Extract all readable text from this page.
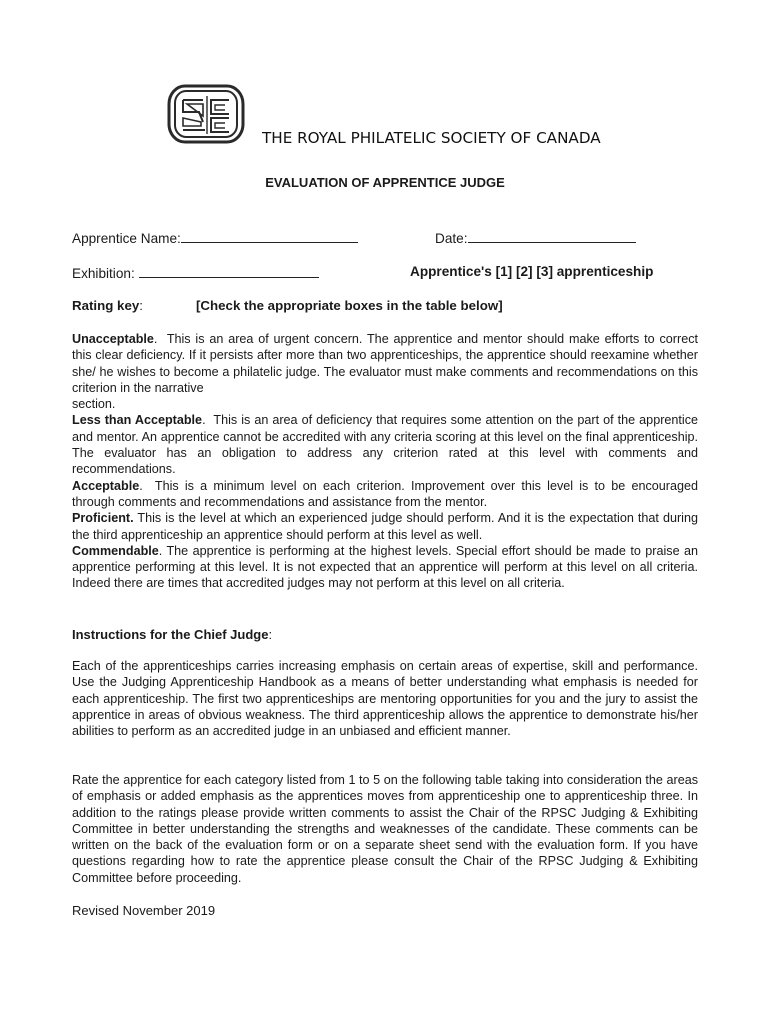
THE ROYAL PHILATELIC SOCIETY OF CANADA
EVALUATION OF APPRENTICE JUDGE
Apprentice Name:	Date:
Exhibition:	Apprentice's [1] [2] [3] apprenticeship
Rating key:	[Check the appropriate boxes in the table below]

Unacceptable.  This is an area of urgent concern. The apprentice and mentor should make efforts to correct this clear deficiency. If it persists after more than two apprenticeships, the apprentice should reexamine whether she/ he wishes to become a philatelic judge. The evaluator must make comments and recommendations on this criterion in the narrative

section.

Less than Acceptable.  This is an area of deficiency that requires some attention on the part of the apprentice and mentor. An apprentice cannot be accredited with any criteria scoring at this level on the final apprenticeship. The evaluator has an obligation to address any criterion rated at this level with comments and recommendations.

Acceptable.  This is a minimum level on each criterion. Improvement over this level is to be encouraged through comments and recommendations and assistance from the mentor.

Proficient. This is the level at which an experienced judge should perform. And it is the expectation that during the third apprenticeship an apprentice should perform at this level as well.

Commendable. The apprentice is performing at the highest levels. Special effort should be made to praise an apprentice performing at this level. It is not expected that an apprentice will perform at this level on all criteria. Indeed there are times that accredited judges may not perform at this level on all criteria.

Instructions for the Chief Judge:

Each of the apprenticeships carries increasing emphasis on certain areas of expertise, skill and performance. Use the Judging Apprenticeship Handbook as a means of better understanding what emphasis is needed for each apprenticeship. The first two apprenticeships are mentoring opportunities for you and the jury to assist the apprentice in areas of obvious weakness. The third apprenticeship allows the apprentice to demonstrate his/her abilities to perform as an accredited judge in an unbiased and efficient manner.

Rate the apprentice for each category listed from 1 to 5 on the following table taking into consideration the areas of emphasis or added emphasis as the apprentices moves from apprenticeship one to apprenticeship three. In addition to the ratings please provide written comments to assist the Chair of the RPSC Judging & Exhibiting Committee in better understanding the strengths and weaknesses of the candidate. These comments can be written on the back of the evaluation form or on a separate sheet send with the evaluation form. If you have questions regarding how to rate the apprentice please consult the Chair of the RPSC Judging & Exhibiting Committee before proceeding.

Revised November 2019
